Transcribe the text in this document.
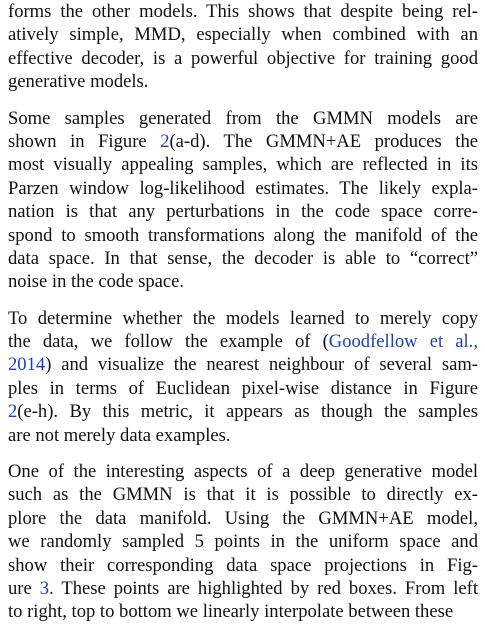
forms the other models. This shows that despite being rel-
atively simple, MMD, especially when combined with an
effective decoder, is a powerful objective for training good
generative models.
Some samples generated from the GMMN models are
shown in Figure 2(a-d). The GMMN+AE produces the
most visually appealing samples, which are reflected in its
Parzen window log-likelihood estimates. The likely expla-
nation is that any perturbations in the code space corre-
spond to smooth transformations along the manifold of the
data space. In that sense, the decoder is able to “correct”
noise in the code space.
To determine whether the models learned to merely copy
the data, we follow the example of (Goodfellow et al.,
2014) and visualize the nearest neighbour of several sam-
ples in terms of Euclidean pixel-wise distance in Figure
2(e-h). By this metric, it appears as though the samples
are not merely data examples.
One of the interesting aspects of a deep generative model
such as the GMMN is that it is possible to directly ex-
plore the data manifold. Using the GMMN+AE model,
we randomly sampled 5 points in the uniform space and
show their corresponding data space projections in Fig-
ure 3. These points are highlighted by red boxes. From left
to right, top to bottom we linearly interpolate between these
